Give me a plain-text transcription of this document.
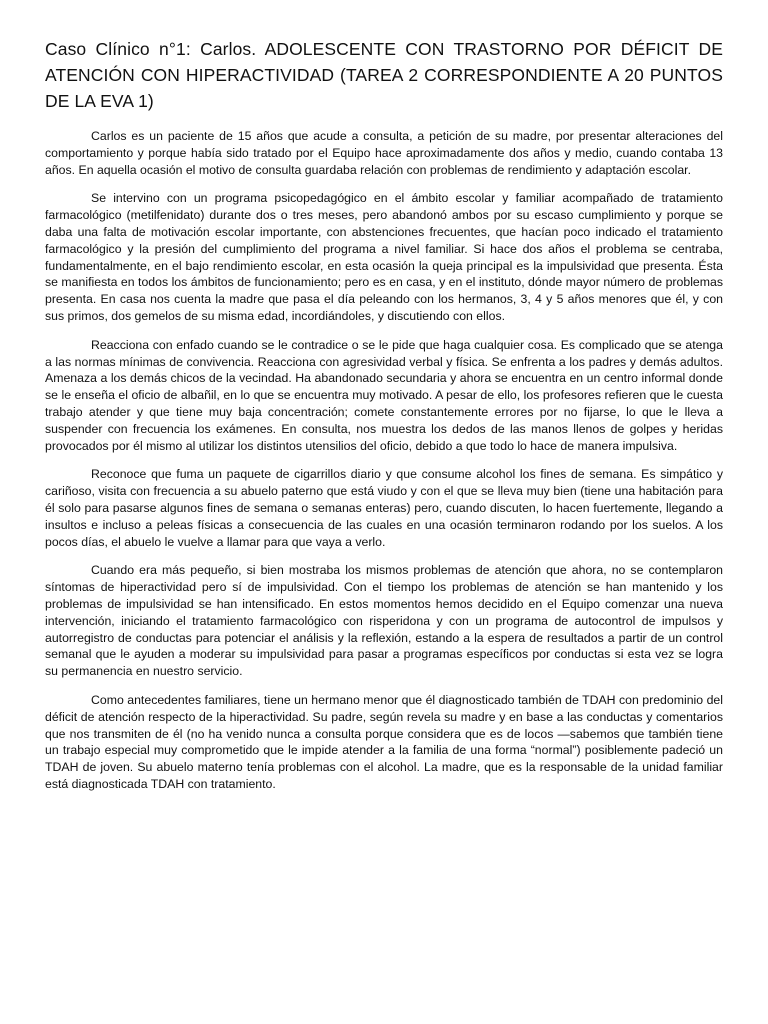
Caso Clínico n°1: Carlos. ADOLESCENTE CON TRASTORNO POR DÉFICIT DE ATENCIÓN CON HIPERACTIVIDAD (TAREA 2 CORRESPONDIENTE A 20 PUNTOS DE LA EVA 1)

Carlos es un paciente de 15 años que acude a consulta, a petición de su madre, por presentar alteraciones del comportamiento y porque había sido tratado por el Equipo hace aproximadamente dos años y medio, cuando contaba 13 años. En aquella ocasión el motivo de consulta guardaba relación con problemas de rendimiento y adaptación escolar.

Se intervino con un programa psicopedagógico en el ámbito escolar y familiar acompañado de tratamiento farmacológico (metilfenidato) durante dos o tres meses, pero abandonó ambos por su escaso cumplimiento y porque se daba una falta de motivación escolar importante, con abstenciones frecuentes, que hacían poco indicado el tratamiento farmacológico y la presión del cumplimiento del programa a nivel familiar. Si hace dos años el problema se centraba, fundamentalmente, en el bajo rendimiento escolar, en esta ocasión la queja principal es la impulsividad que presenta. Ésta se manifiesta en todos los ámbitos de funcionamiento; pero es en casa, y en el instituto, dónde mayor número de problemas presenta. En casa nos cuenta la madre que pasa el día peleando con los hermanos, 3, 4 y 5 años menores que él, y con sus primos, dos gemelos de su misma edad, incordiándoles, y discutiendo con ellos.

Reacciona con enfado cuando se le contradice o se le pide que haga cualquier cosa. Es complicado que se atenga a las normas mínimas de convivencia. Reacciona con agresividad verbal y física. Se enfrenta a los padres y demás adultos. Amenaza a los demás chicos de la vecindad. Ha abandonado secundaria y ahora se encuentra en un centro informal donde se le enseña el oficio de albañil, en lo que se encuentra muy motivado. A pesar de ello, los profesores refieren que le cuesta trabajo atender y que tiene muy baja concentración; comete constantemente errores por no fijarse, lo que le lleva a suspender con frecuencia los exámenes. En consulta, nos muestra los dedos de las manos llenos de golpes y heridas provocados por él mismo al utilizar los distintos utensilios del oficio, debido a que todo lo hace de manera impulsiva.

Reconoce que fuma un paquete de cigarrillos diario y que consume alcohol los fines de semana. Es simpático y cariñoso, visita con frecuencia a su abuelo paterno que está viudo y con el que se lleva muy bien (tiene una habitación para él solo para pasarse algunos fines de semana o semanas enteras) pero, cuando discuten, lo hacen fuertemente, llegando a insultos e incluso a peleas físicas a consecuencia de las cuales en una ocasión terminaron rodando por los suelos. A los pocos días, el abuelo le vuelve a llamar para que vaya a verlo.

Cuando era más pequeño, si bien mostraba los mismos problemas de atención que ahora, no se contemplaron síntomas de hiperactividad pero sí de impulsividad. Con el tiempo los problemas de atención se han mantenido y los problemas de impulsividad se han intensificado. En estos momentos hemos decidido en el Equipo comenzar una nueva intervención, iniciando el tratamiento farmacológico con risperidona y con un programa de autocontrol de impulsos y autorregistro de conductas para potenciar el análisis y la reflexión, estando a la espera de resultados a partir de un control semanal que le ayuden a moderar su impulsividad para pasar a programas específicos por conductas si esta vez se logra su permanencia en nuestro servicio.

Como antecedentes familiares, tiene un hermano menor que él diagnosticado también de TDAH con predominio del déficit de atención respecto de la hiperactividad. Su padre, según revela su madre y en base a las conductas y comentarios que nos transmiten de él (no ha venido nunca a consulta porque considera que es de locos —sabemos que también tiene un trabajo especial muy comprometido que le impide atender a la familia de una forma “normal”) posiblemente padeció un TDAH de joven. Su abuelo materno tenía problemas con el alcohol. La madre, que es la responsable de la unidad familiar está diagnosticada TDAH con tratamiento.
